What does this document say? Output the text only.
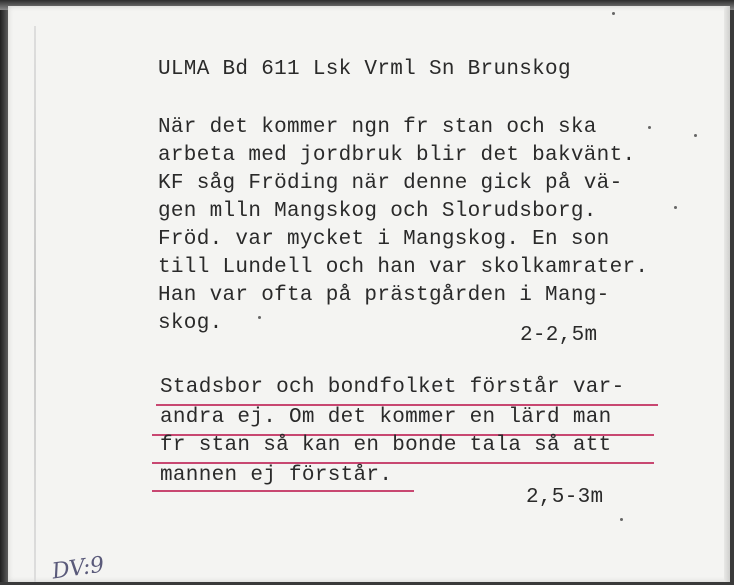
ULMA Bd 611 Lsk Vrml Sn Brunskog
När det kommer ngn fr stan och ska
arbeta med jordbruk blir det bakvänt.
KF såg Fröding när denne gick på vä-
gen mlln Mangskog och Slorudsborg.
Fröd. var mycket i Mangskog. En son
till Lundell och han var skolkamrater.
Han var ofta på prästgården i Mang-
skog.
2-2,5m
Stadsbor och bondfolket förstår var-
andra ej. Om det kommer en lärd man
fr stan så kan en bonde tala så att
mannen ej förstår.
2,5-3m
DV:9
